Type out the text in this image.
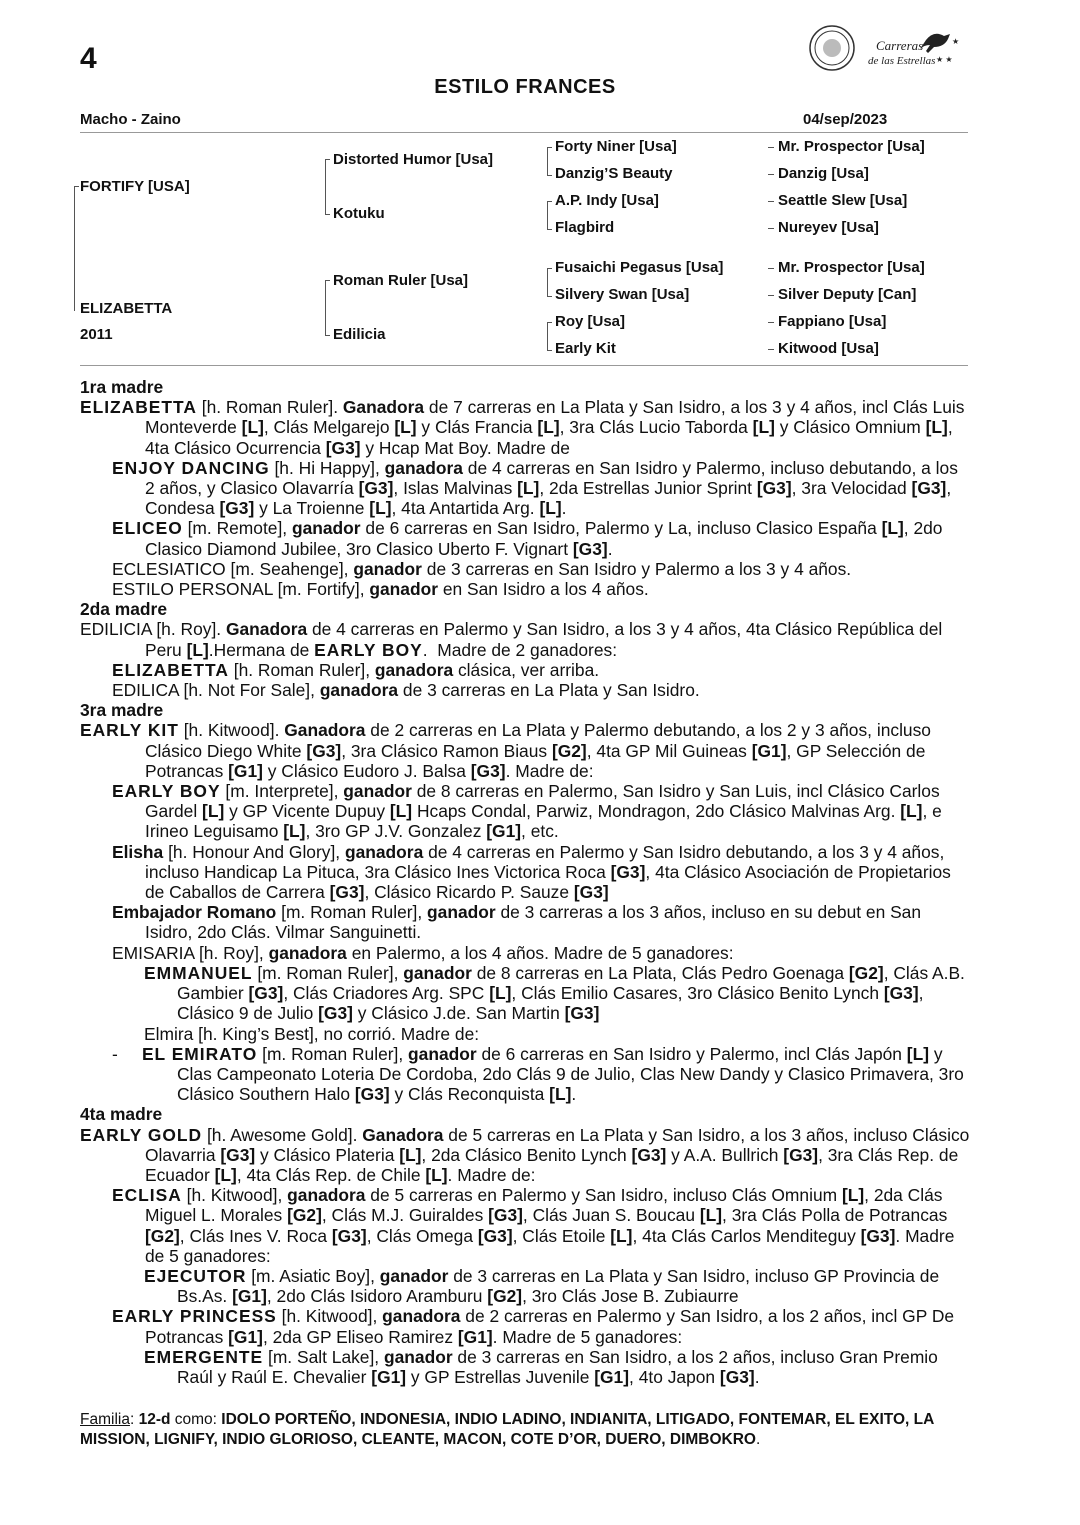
4
ESTILO FRANCES
Carreras
de las Estrellas ★ ★
★
Macho - Zaino	04/sep/2023
FORTIFY [USA]
ELIZABETTA
2011
Distorted Humor [Usa]
Kotuku
Roman Ruler [Usa]
Edilicia
Forty Niner [Usa]
Danzig’S Beauty
A.P. Indy [Usa]
Flagbird
Fusaichi Pegasus [Usa]
Silvery Swan [Usa]
Roy [Usa]
Early Kit
Mr. Prospector [Usa]
Danzig [Usa]
Seattle Slew [Usa]
Nureyev [Usa]
Mr. Prospector [Usa]
Silver Deputy [Can]
Fappiano [Usa]
Kitwood [Usa]

1ra madre

ELIZABETTA [h. Roman Ruler]. Ganadora de 7 carreras en La Plata y San Isidro, a los 3 y 4 años, incl Clás Luis Monteverde [L], Clás Melgarejo [L] y Clás Francia [L], 3ra Clás Lucio Taborda [L] y Clásico Omnium [L], 4ta Clásico Ocurrencia [G3] y Hcap Mat Boy. Madre de

ENJOY DANCING [h. Hi Happy], ganadora de 4 carreras en San Isidro y Palermo, incluso debutando, a los 2 años, y Clasico Olavarría [G3], Islas Malvinas [L], 2da Estrellas Junior Sprint [G3], 3ra Velocidad [G3], Condesa [G3] y La Troienne [L], 4ta Antartida Arg. [L].

ELICEO [m. Remote], ganador de 6 carreras en San Isidro, Palermo y La, incluso Clasico España [L], 2do Clasico Diamond Jubilee, 3ro Clasico Uberto F. Vignart [G3].

ECLESIATICO [m. Seahenge], ganador de 3 carreras en San Isidro y Palermo a los 3 y 4 años.

ESTILO PERSONAL [m. Fortify], ganador en San Isidro a los 4 años.

2da madre

EDILICIA [h. Roy]. Ganadora de 4 carreras en Palermo y San Isidro, a los 3 y 4 años, 4ta Clásico República del Peru [L].Hermana de EARLY BOY.  Madre de 2 ganadores:

ELIZABETTA [h. Roman Ruler], ganadora clásica, ver arriba.

EDILICA [h. Not For Sale], ganadora de 3 carreras en La Plata y San Isidro.

3ra madre

EARLY KIT [h. Kitwood]. Ganadora de 2 carreras en La Plata y Palermo debutando, a los 2 y 3 años, incluso Clásico Diego White [G3], 3ra Clásico Ramon Biaus [G2], 4ta GP Mil Guineas [G1], GP Selección de Potrancas [G1] y Clásico Eudoro J. Balsa [G3]. Madre de:

EARLY BOY [m. Interprete], ganador de 8 carreras en Palermo, San Isidro y San Luis, incl Clásico Carlos Gardel [L] y GP Vicente Dupuy [L] Hcaps Condal, Parwiz, Mondragon, 2do Clásico Malvinas Arg. [L], e Irineo Leguisamo [L], 3ro GP J.V. Gonzalez [G1], etc.

Elisha [h. Honour And Glory], ganadora de 4 carreras en Palermo y San Isidro debutando, a los 3 y 4 años, incluso Handicap La Pituca, 3ra Clásico Ines Victorica Roca [G3], 4ta Clásico Asociación de Propietarios de Caballos de Carrera [G3], Clásico Ricardo P. Sauze [G3]

Embajador Romano [m. Roman Ruler], ganador de 3 carreras a los 3 años, incluso en su debut en San Isidro, 2do Clás. Vilmar Sanguinetti.

EMISARIA [h. Roy], ganadora en Palermo, a los 4 años. Madre de 5 ganadores:

EMMANUEL [m. Roman Ruler], ganador de 8 carreras en La Plata, Clás Pedro Goenaga [G2], Clás A.B. Gambier [G3], Clás Criadores Arg. SPC [L], Clás Emilio Casares, 3ro Clásico Benito Lynch [G3], Clásico 9 de Julio [G3] y Clásico J.de. San Martin [G3]

Elmira [h. King’s Best], no corrió. Madre de:

-     EL EMIRATO [m. Roman Ruler], ganador de 6 carreras en San Isidro y Palermo, incl Clás Japón [L] y Clas Campeonato Loteria De Cordoba, 2do Clás 9 de Julio, Clas New Dandy y Clasico Primavera, 3ro Clásico Southern Halo [G3] y Clás Reconquista [L].

4ta madre

EARLY GOLD [h. Awesome Gold]. Ganadora de 5 carreras en La Plata y San Isidro, a los 3 años, incluso Clásico Olavarria [G3] y Clásico Plateria [L], 2da Clásico Benito Lynch [G3] y A.A. Bullrich [G3], 3ra Clás Rep. de Ecuador [L], 4ta Clás Rep. de Chile [L]. Madre de:

ECLISA [h. Kitwood], ganadora de 5 carreras en Palermo y San Isidro, incluso Clás Omnium [L], 2da Clás Miguel L. Morales [G2], Clás M.J. Guiraldes [G3], Clás Juan S. Boucau [L], 3ra Clás Polla de Potrancas [G2], Clás Ines V. Roca [G3], Clás Omega [G3], Clás Etoile [L], 4ta Clás Carlos Menditeguy [G3]. Madre de 5 ganadores:

EJECUTOR [m. Asiatic Boy], ganador de 3 carreras en La Plata y San Isidro, incluso GP Provincia de Bs.As. [G1], 2do Clás Isidoro Aramburu [G2], 3ro Clás Jose B. Zubiaurre

EARLY PRINCESS [h. Kitwood], ganadora de 2 carreras en Palermo y San Isidro, a los 2 años, incl GP De Potrancas [G1], 2da GP Eliseo Ramirez [G1]. Madre de 5 ganadores:

EMERGENTE [m. Salt Lake], ganador de 3 carreras en San Isidro, a los 2 años, incluso Gran Premio Raúl y Raúl E. Chevalier [G1] y GP Estrellas Juvenile [G1], 4to Japon [G3].

Familia: 12-d como: IDOLO PORTEÑO, INDONESIA, INDIO LADINO, INDIANITA, LITIGADO, FONTEMAR, EL EXITO, LA MISSION, LIGNIFY, INDIO GLORIOSO, CLEANTE, MACON, COTE D’OR, DUERO, DIMBOKRO.
